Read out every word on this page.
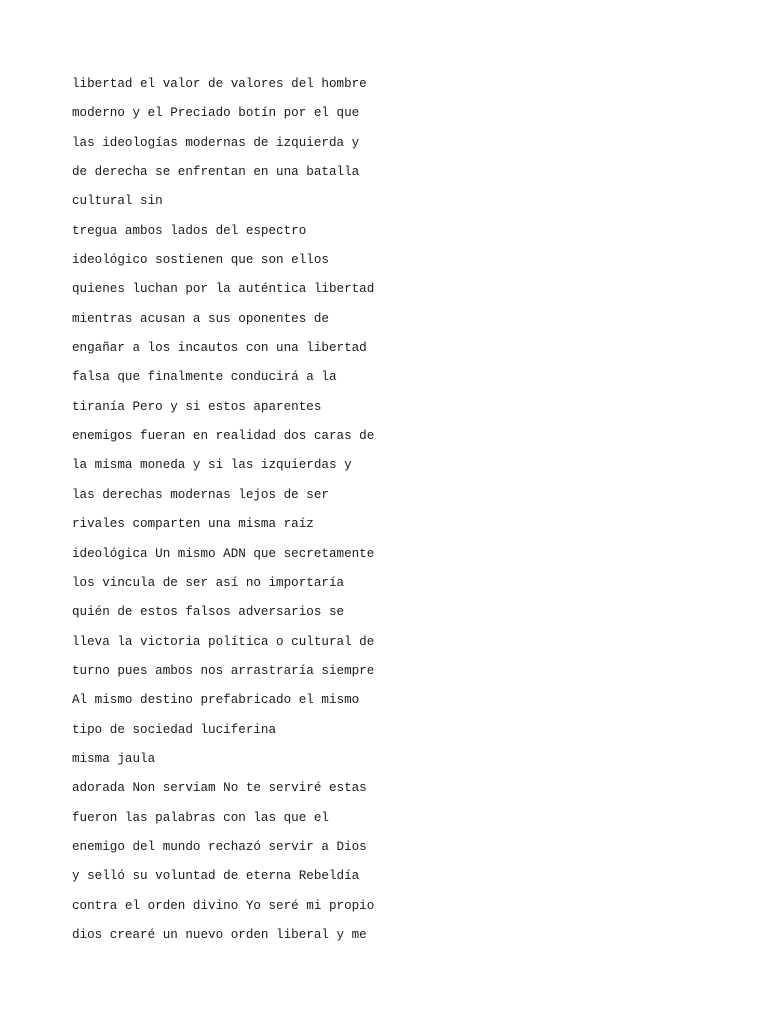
libertad el valor de valores del hombre
moderno y el Preciado botín por el que
las ideologías modernas de izquierda y
de derecha se enfrentan en una batalla
cultural sin
tregua ambos lados del espectro
ideológico sostienen que son ellos
quienes luchan por la auténtica libertad
mientras acusan a sus oponentes de
engañar a los incautos con una libertad
falsa que finalmente conducirá a la
tiranía Pero y si estos aparentes
enemigos fueran en realidad dos caras de
la misma moneda y si las izquierdas y
las derechas modernas lejos de ser
rivales comparten una misma raíz
ideológica Un mismo ADN que secretamente
los vincula de ser así no importaría
quién de estos falsos adversarios se
lleva la victoria política o cultural de
turno pues ambos nos arrastraría siempre
Al mismo destino prefabricado el mismo
tipo de sociedad luciferina
misma jaula
adorada Non serviam No te serviré estas
fueron las palabras con las que el
enemigo del mundo rechazó servir a Dios
y selló su voluntad de eterna Rebeldía
contra el orden divino Yo seré mi propio
dios crearé un nuevo orden liberal y me
